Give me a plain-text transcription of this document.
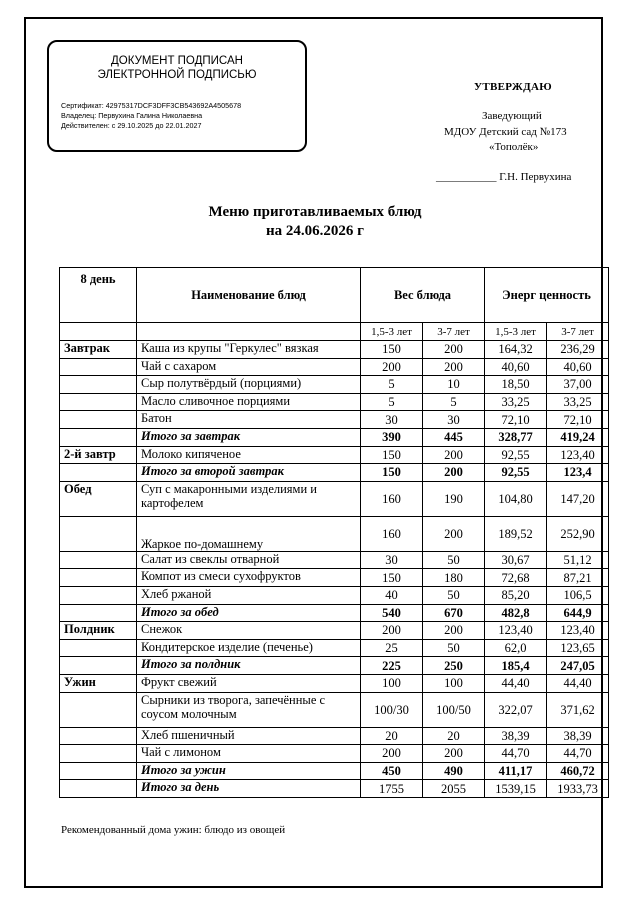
ДОКУМЕНТ ПОДПИСАН
ЭЛЕКТРОННОЙ ПОДПИСЬЮ
Сертификат: 42975317DCF3DFF3CB543692A4505678
Владелец: Первухина Галина Николаевна
Действителен: с 29.10.2025 до 22.01.2027
УТВЕРЖДАЮ
Заведующий
МДОУ Детский сад №173
«Тополёк»
___________ Г.Н. Первухина
Меню приготавливаемых блюд
на 24.06.2026 г
8 день	Наименование блюд	Вес блюда		Энерг ценность	
		1,5-3 лет	3-7 лет	1,5-3 лет	3-7 лет
Завтрак	Каша из крупы "Геркулес" вязкая	150	200	164,32	236,29
	Чай с сахаром	200	200	40,60	40,60
	Сыр полутвёрдый (порциями)	5	10	18,50	37,00
	Масло сливочное порциями	5	5	33,25	33,25
	Батон	30	30	72,10	72,10
	Итого за завтрак	390	445	328,77	419,24
2-й завтр	Молоко кипяченое	150	200	92,55	123,40
	Итого за второй завтрак	150	200	92,55	123,4
Обед	Суп с макаронными изделиями и картофелем	160	190	104,80	147,20
	Жаркое по-домашнему	160	200	189,52	252,90
	Салат из свеклы отварной	30	50	30,67	51,12
	Компот из смеси сухофруктов	150	180	72,68	87,21
	Хлеб ржаной	40	50	85,20	106,5
	Итого за обед	540	670	482,8	644,9
Полдник	Снежок	200	200	123,40	123,40
	Кондитерское изделие (печенье)	25	50	62,0	123,65
	Итого за полдник	225	250	185,4	247,05
Ужин	Фрукт свежий	100	100	44,40	44,40
	Сырники из творога, запечённые с соусом молочным	100/30	100/50	322,07	371,62
	Хлеб пшеничный	20	20	38,39	38,39
	Чай с лимоном	200	200	44,70	44,70
	Итого за ужин	450	490	411,17	460,72
	Итого за день	1755	2055	1539,15	1933,73
Рекомендованный дома ужин: блюдо из овощей
